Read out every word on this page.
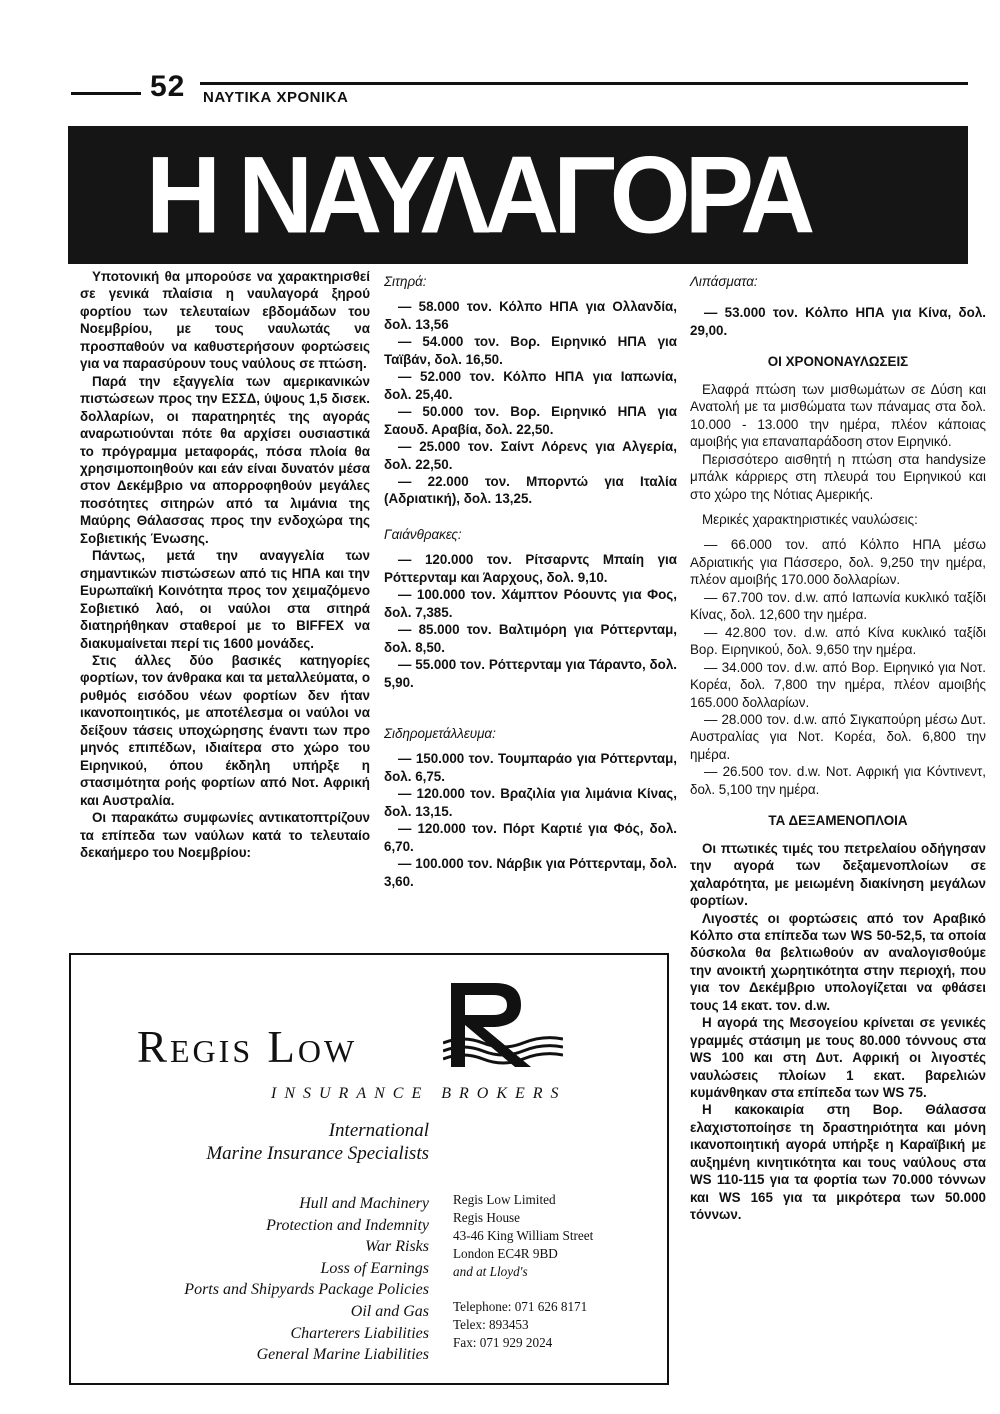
52 ΝΑΥΤΙΚΑ ΧΡΟΝΙΚΑ
Η ΝΑΥΛΑΓΟΡΑ

Υποτονική θα μπορούσε να χαρακτηρισθεί σε γενικά πλαίσια η ναυλαγορά ξηρού φορτίου των τελευταίων εβδομάδων του Νοεμβρίου, με τους ναυλωτάς να προσπαθούν να καθυστερήσουν φορτώσεις για να παρασύρουν τους ναύλους σε πτώση.

Παρά την εξαγγελία των αμερικανικών πιστώσεων προς την ΕΣΣΔ, ύψους 1,5 δισεκ. δολλαρίων, οι παρατηρητές της αγοράς αναρωτιούνται πότε θα αρχίσει ουσιαστικά το πρόγραμμα μεταφοράς, πόσα πλοία θα χρησιμοποιηθούν και εάν είναι δυνατόν μέσα στον Δεκέμβριο να απορροφηθούν μεγάλες ποσότητες σιτηρών από τα λιμάνια της Μαύρης Θάλασσας προς την ενδοχώρα της Σοβιετικής Ένωσης.

Πάντως, μετά την αναγγελία των σημαντικών πιστώσεων από τις ΗΠΑ και την Ευρωπαϊκή Κοινότητα προς τον χειμαζόμενο Σοβιετικό λαό, οι ναύλοι στα σιτηρά διατηρήθηκαν σταθεροί με το BIFFEX να διακυμαίνεται περί τις 1600 μονάδες.

Στις άλλες δύο βασικές κατηγορίες φορτίων, τον άνθρακα και τα μεταλλεύματα, ο ρυθμός εισόδου νέων φορτίων δεν ήταν ικανοποιητικός, με αποτέλεσμα οι ναύλοι να δείξουν τάσεις υποχώρησης έναντι των προ μηνός επιπέδων, ιδιαίτερα στο χώρο του Ειρηνικού, όπου έκδηλη υπήρξε η στασιμότητα ροής φορτίων από Νοτ. Αφρική και Αυστραλία.

Οι παρακάτω συμφωνίες αντικατοπτρίζουν τα επίπεδα των ναύλων κατά το τελευταίο δεκαήμερο του Νοεμβρίου:

Σιτηρά:

— 58.000 τον. Κόλπο ΗΠΑ για Ολλανδία, δολ. 13,56

— 54.000 τον. Βορ. Ειρηνικό ΗΠΑ για Ταϊβάν, δολ. 16,50.

— 52.000 τον. Κόλπο ΗΠΑ για Ιαπωνία, δολ. 25,40.

— 50.000 τον. Βορ. Ειρηνικό ΗΠΑ για Σαουδ. Αραβία, δολ. 22,50.

— 25.000 τον. Σαίντ Λόρενς για Αλγερία, δολ. 22,50.

— 22.000 τον. Μπορντώ για Ιταλία (Αδριατική), δολ. 13,25.

Γαιάνθρακες:

— 120.000 τον. Ρίτσαρντς Μπαίη για Ρόττερνταμ και Άαρχους, δολ. 9,10.

— 100.000 τον. Χάμπτον Ρόουντς για Φος, δολ. 7,385.

— 85.000 τον. Βαλτιμόρη για Ρόττερνταμ, δολ. 8,50.

— 55.000 τον. Ρόττερνταμ για Τάραντο, δολ. 5,90.

Σιδηρομετάλλευμα:

— 150.000 τον. Τουμπαράο για Ρόττερνταμ, δολ. 6,75.

— 120.000 τον. Βραζιλία για λιμάνια Κίνας, δολ. 13,15.

— 120.000 τον. Πόρτ Καρτιέ για Φός, δολ. 6,70.

— 100.000 τον. Νάρβικ για Ρόττερνταμ, δολ. 3,60.

Λιπάσματα:

— 53.000 τον. Κόλπο ΗΠΑ για Κίνα, δολ. 29,00.

ΟΙ ΧΡΟΝΟΝΑΥΛΩΣΕΙΣ

Ελαφρά πτώση των μισθωμάτων σε Δύση και Ανατολή με τα μισθώματα των πάναμας στα δολ. 10.000 - 13.000 την ημέρα, πλέον κάποιας αμοιβής για επαναπαράδοση στον Ειρηνικό.

Περισσότερο αισθητή η πτώση στα handysize μπάλκ κάρριερς στη πλευρά του Ειρηνικού και στο χώρο της Νότιας Αμερικής.

Μερικές χαρακτηριστικές ναυλώσεις:

— 66.000 τον. από Κόλπο ΗΠΑ μέσω Αδριατικής για Πάσσερο, δολ. 9,250 την ημέρα, πλέον αμοιβής 170.000 δολλαρίων.

— 67.700 τον. d.w. από Ιαπωνία κυκλικό ταξίδι Κίνας, δολ. 12,600 την ημέρα.

— 42.800 τον. d.w. από Κίνα κυκλικό ταξίδι Βορ. Ειρηνικού, δολ. 9,650 την ημέρα.

— 34.000 τον. d.w. από Βορ. Ειρηνικό για Νοτ. Κορέα, δολ. 7,800 την ημέρα, πλέον αμοιβής 165.000 δολλαρίων.

— 28.000 τον. d.w. από Σιγκαπούρη μέσω Δυτ. Αυστραλίας για Νοτ. Κορέα, δολ. 6,800 την ημέρα.

— 26.500 τον. d.w. Νοτ. Αφρική για Κόντινεντ, δολ. 5,100 την ημέρα.

ΤΑ ΔΕΞΑΜΕΝΟΠΛΟΙΑ

Οι πτωτικές τιμές του πετρελαίου οδήγησαν την αγορά των δεξαμενοπλοίων σε χαλαρότητα, με μειωμένη διακίνηση μεγάλων φορτίων.

Λιγοστές οι φορτώσεις από τον Αραβικό Κόλπο στα επίπεδα των WS 50-52,5, τα οποία δύσκολα θα βελτιωθούν αν αναλογισθούμε την ανοικτή χωρητικότητα στην περιοχή, που για τον Δεκέμβριο υπολογίζεται να φθάσει τους 14 εκατ. τον. d.w.

Η αγορά της Μεσογείου κρίνεται σε γενικές γραμμές στάσιμη με τους 80.000 τόννους στα WS 100 και στη Δυτ. Αφρική οι λιγοστές ναυλώσεις πλοίων 1 εκατ. βαρελιών κυμάνθηκαν στα επίπεδα των WS 75.

Η κακοκαιρία στη Βορ. Θάλασσα ελαχιστοποίησε τη δραστηριότητα και μόνη ικανοποιητική αγορά υπήρξε η Καραϊβική με αυξημένη κινητικότητα και τους ναύλους στα WS 110-115 για τα φορτία των 70.000 τόννων και WS 165 για τα μικρότερα των 50.000 τόννων.

Regis Low
INSURANCE BROKERS
International
Marine Insurance Specialists
Hull and Machinery
Protection and Indemnity
War Risks
Loss of Earnings
Ports and Shipyards Package Policies
Oil and Gas
Charterers Liabilities
General Marine Liabilities
Regis Low Limited
Regis House
43-46 King William Street
London EC4R 9BD
and at Lloyd's
Telephone: 071 626 8171
Telex: 893453
Fax: 071 929 2024
